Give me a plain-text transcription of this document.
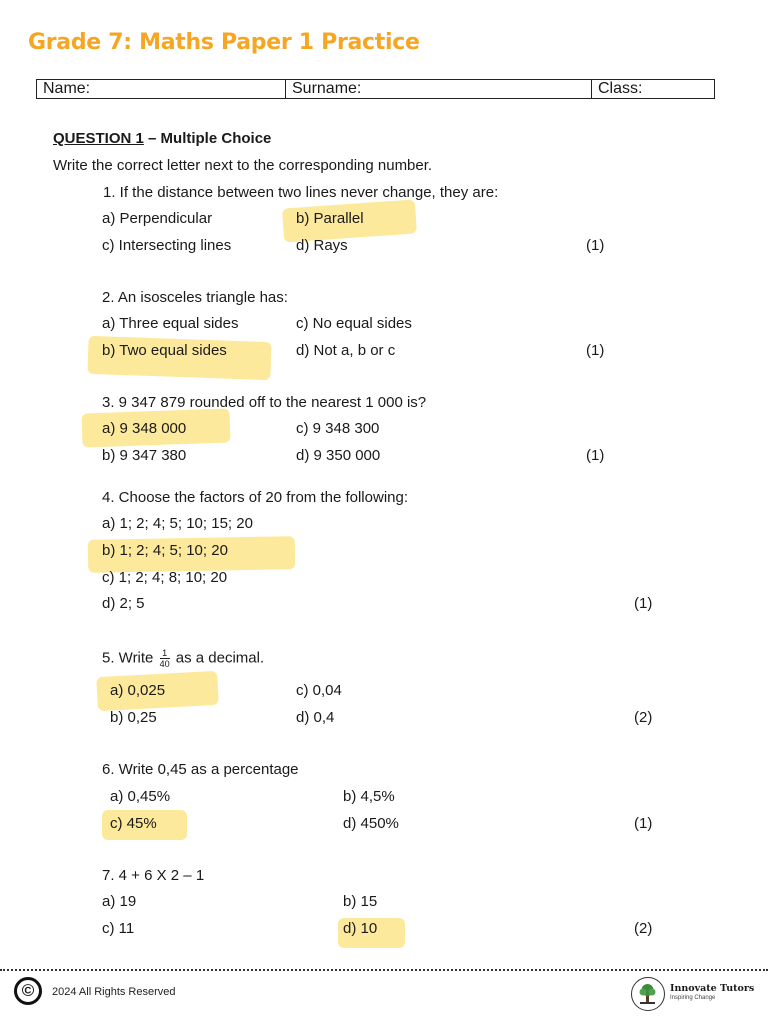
Grade 7: Maths Paper 1 Practice
Name:	Surname:	Class:
QUESTION 1 – Multiple Choice
Write the correct letter next to the corresponding number.
1. If the distance between two lines never change, they are:
a) Perpendicular	b) Parallel
c) Intersecting lines	d) Rays	(1)
2. An isosceles triangle has:
a) Three equal sides	c) No equal sides
b) Two equal sides	d) Not a, b or c	(1)
3. 9 347 879 rounded off to the nearest 1 000 is?
a) 9 348 000	c) 9 348 300
b) 9 347 380	d) 9 350 000	(1)
4. Choose the factors of 20 from the following:
a) 1; 2; 4; 5; 10; 15; 20
b) 1; 2; 4; 5; 10; 20
c) 1; 2; 4; 8; 10; 20
d) 2; 5	(1)
5. Write $\frac{1}{40}$ as a decimal.
a) 0,025	c) 0,04
b) 0,25	d) 0,4	(2)
6. Write 0,45 as a percentage
a) 0,45%	b) 4,5%
c) 45%	d) 450%	(1)
7. 4 + 6 X 2 – 1
a) 19	b) 15
c) 11	d) 10	(2)
©	2024 All Rights Reserved	Innovate Tutors
Inspiring Change
